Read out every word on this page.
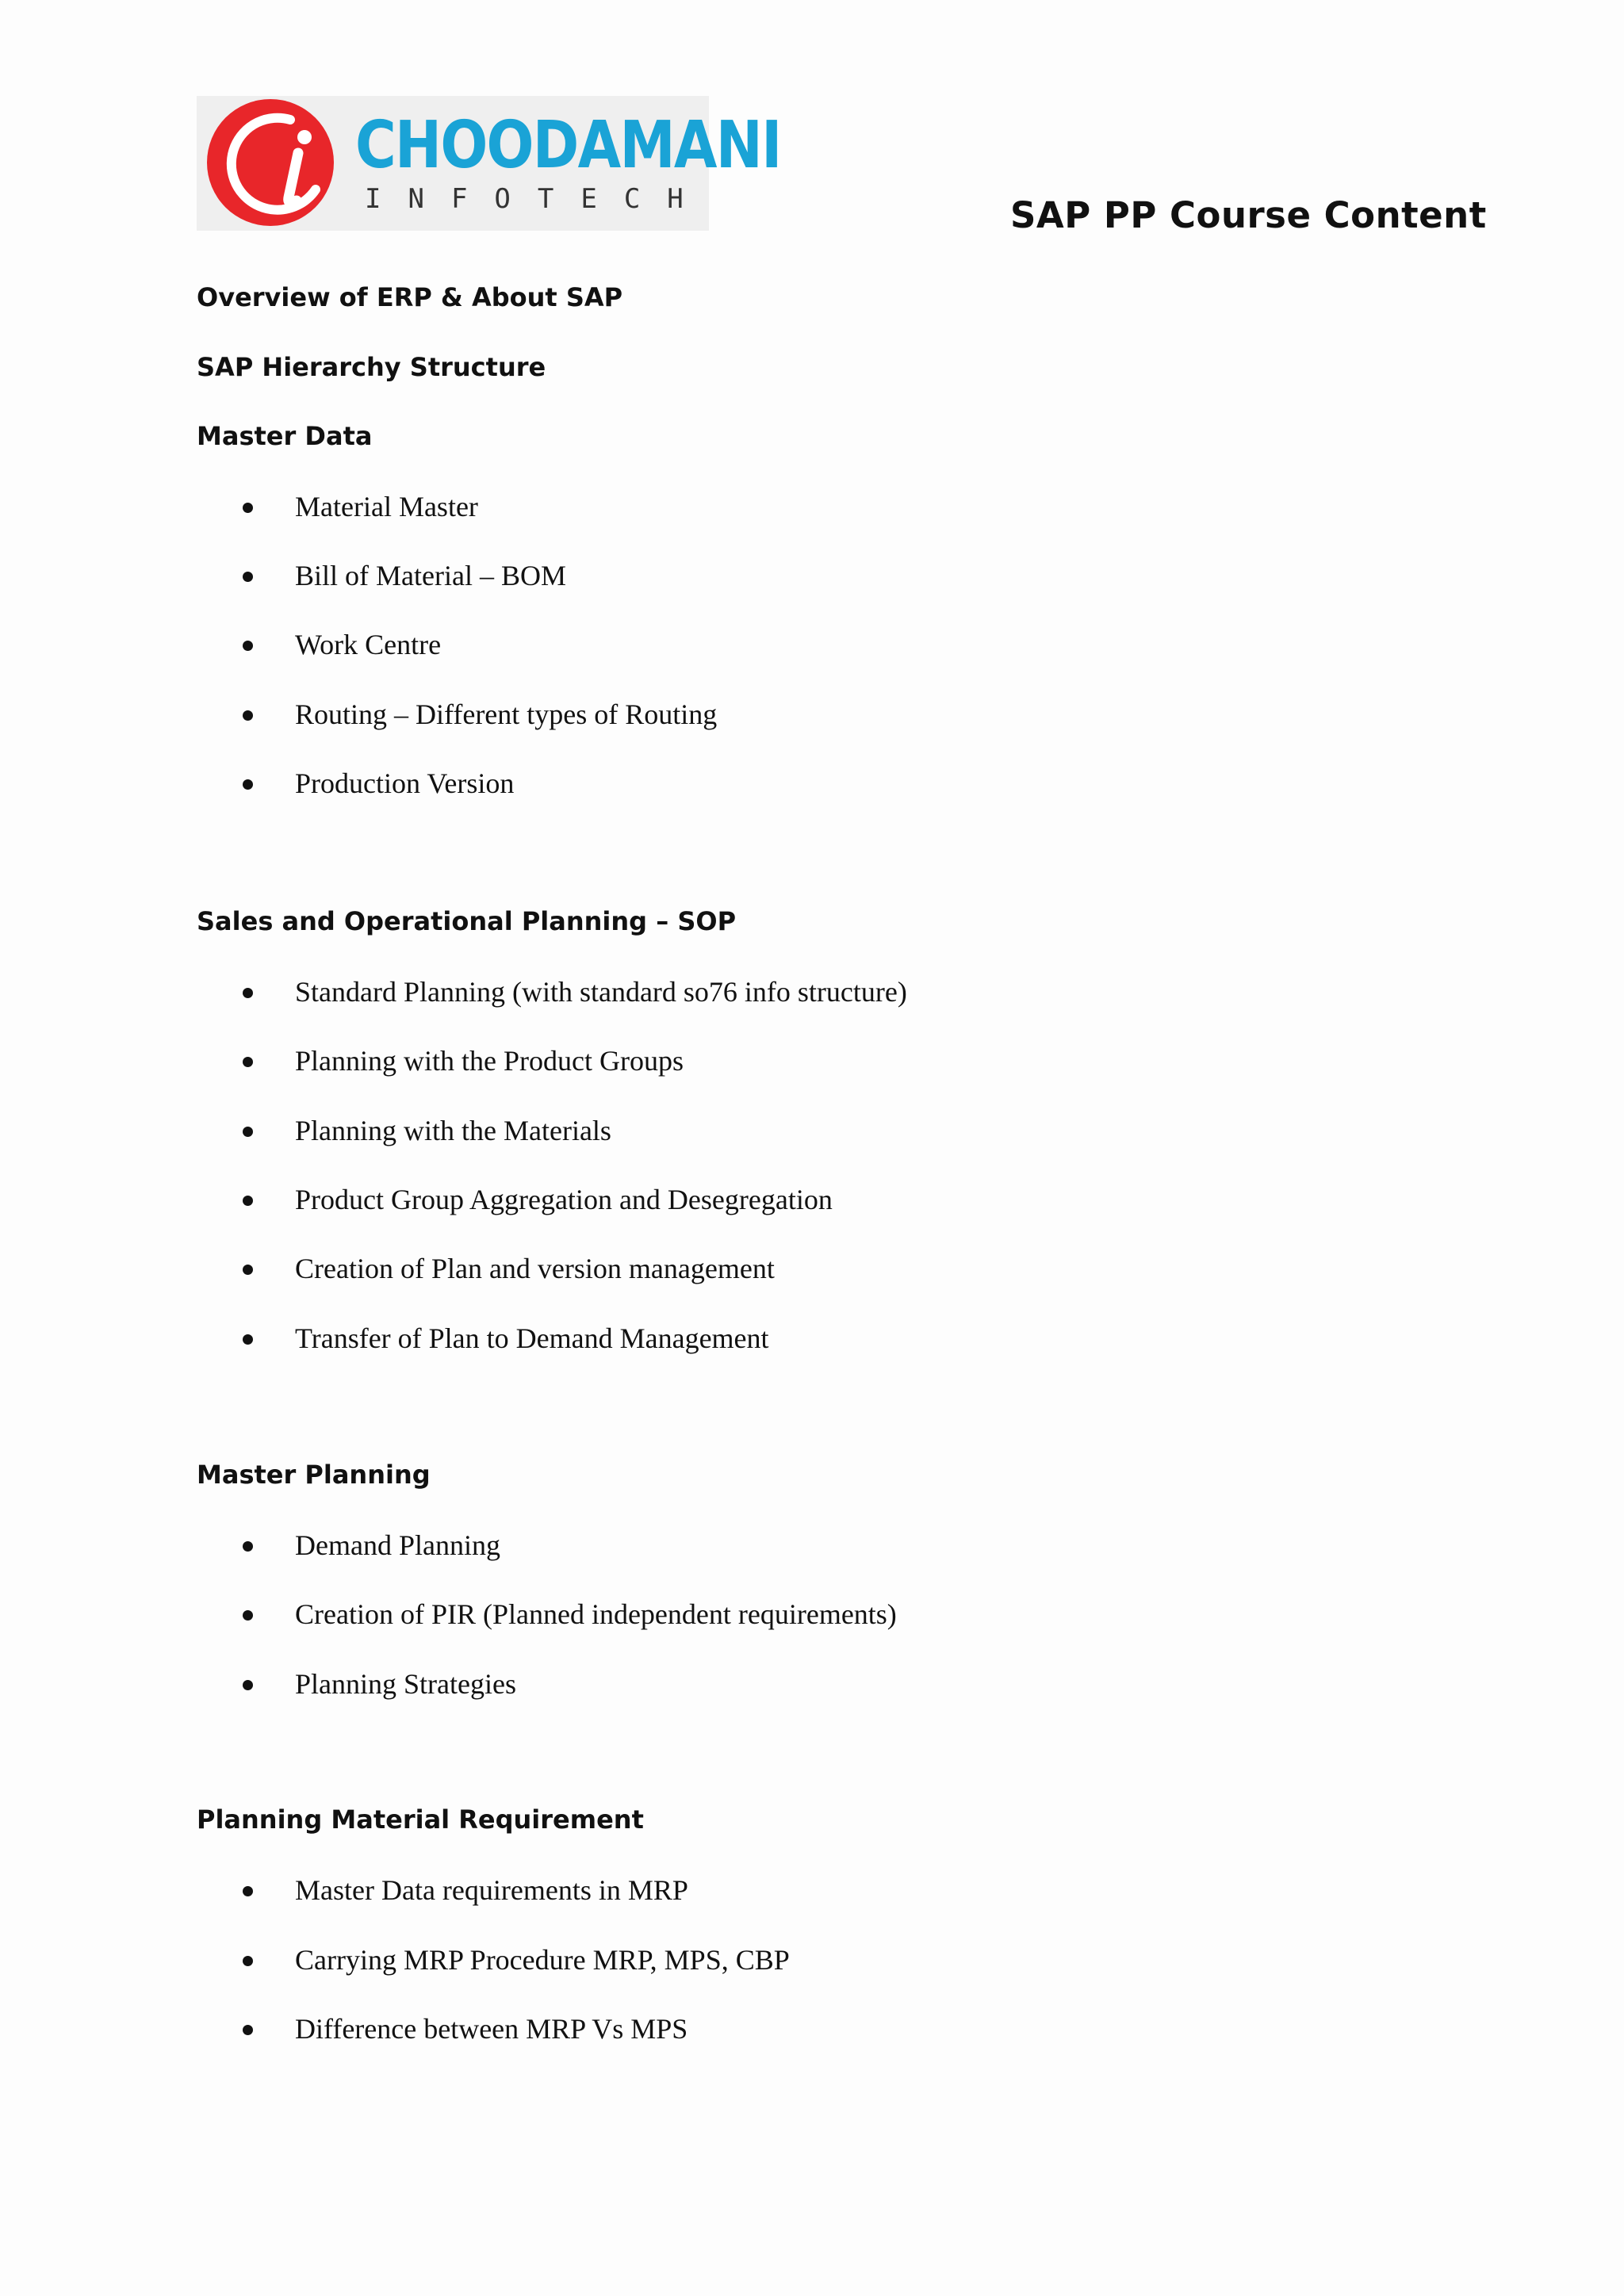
CHOODAMANI
INFOTECH	SAP PP Course Content
Overview of ERP & About SAP
SAP Hierarchy Structure
Master Data
Material Master
Bill of Material – BOM
Work Centre
Routing – Different types of Routing
Production Version
Sales and Operational Planning – SOP
Standard Planning (with standard so76 info structure)
Planning with the Product Groups
Planning with the Materials
Product Group Aggregation and Desegregation
Creation of Plan and version management
Transfer of Plan to Demand Management
Master Planning
Demand Planning
Creation of PIR (Planned independent requirements)
Planning Strategies
Planning Material Requirement
Master Data requirements in MRP
Carrying MRP Procedure MRP, MPS, CBP
Difference between MRP Vs MPS
